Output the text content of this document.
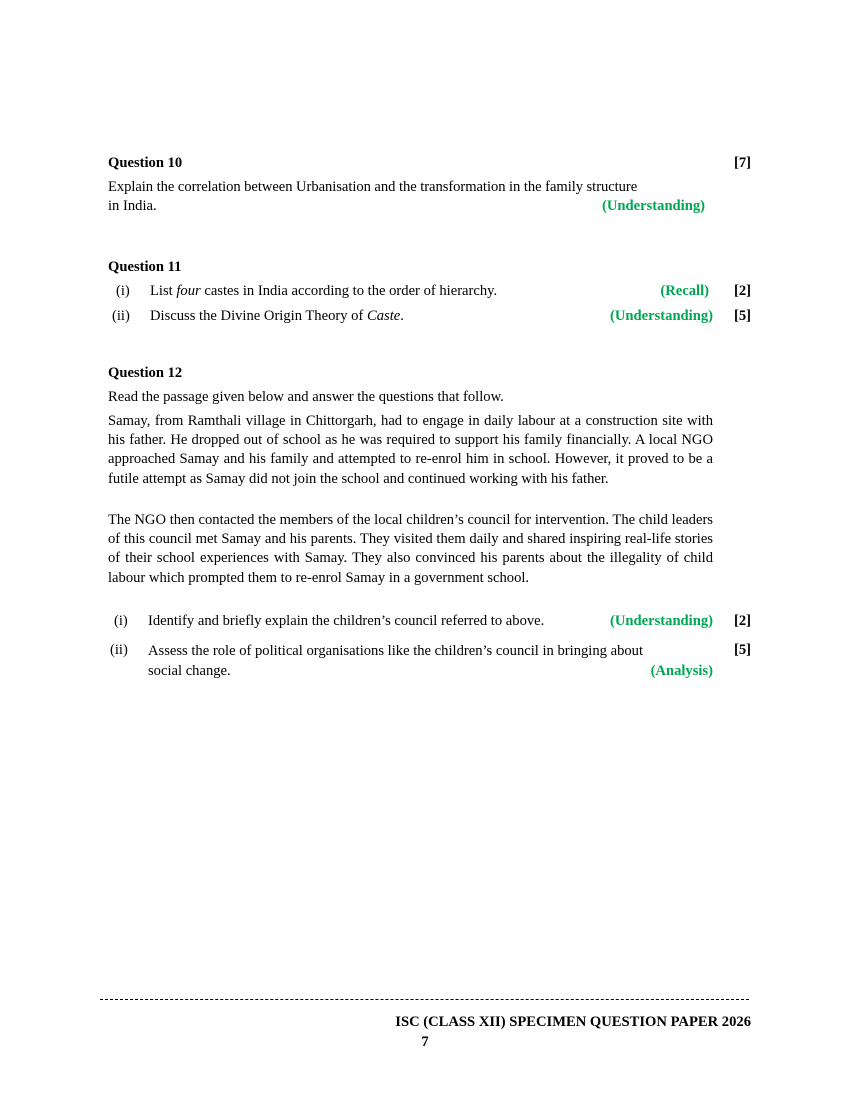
Question 10	[7]
Explain the correlation between Urbanisation and the transformation in the family structure
in India.	(Understanding)
Question 11
(i)	List four castes in India according to the order of hierarchy.	(Recall) [2]
(ii)	Discuss the Divine Origin Theory of Caste.	(Understanding) [5]
Question 12
Read the passage given below and answer the questions that follow.
Samay, from Ramthali village in Chittorgarh, had to engage in daily labour at a construction site with his father. He dropped out of school as he was required to support his family financially. A local NGO approached Samay and his family and attempted to re-enrol him in school. However, it proved to be a futile attempt as Samay did not join the school and continued working with his father.
The NGO then contacted the members of the local children’s council for intervention. The child leaders of this council met Samay and his parents. They visited them daily and shared inspiring real-life stories of their school experiences with Samay. They also convinced his parents about the illegality of child labour which prompted them to re-enrol Samay in a government school.
(i)	Identify and briefly explain the children’s council referred to above.	(Understanding) [2]
(ii)	Assess the role of political organisations like the children’s council in bringing about
social change.	(Analysis)
[5]
ISC (CLASS XII) SPECIMEN QUESTION PAPER 2026
7
